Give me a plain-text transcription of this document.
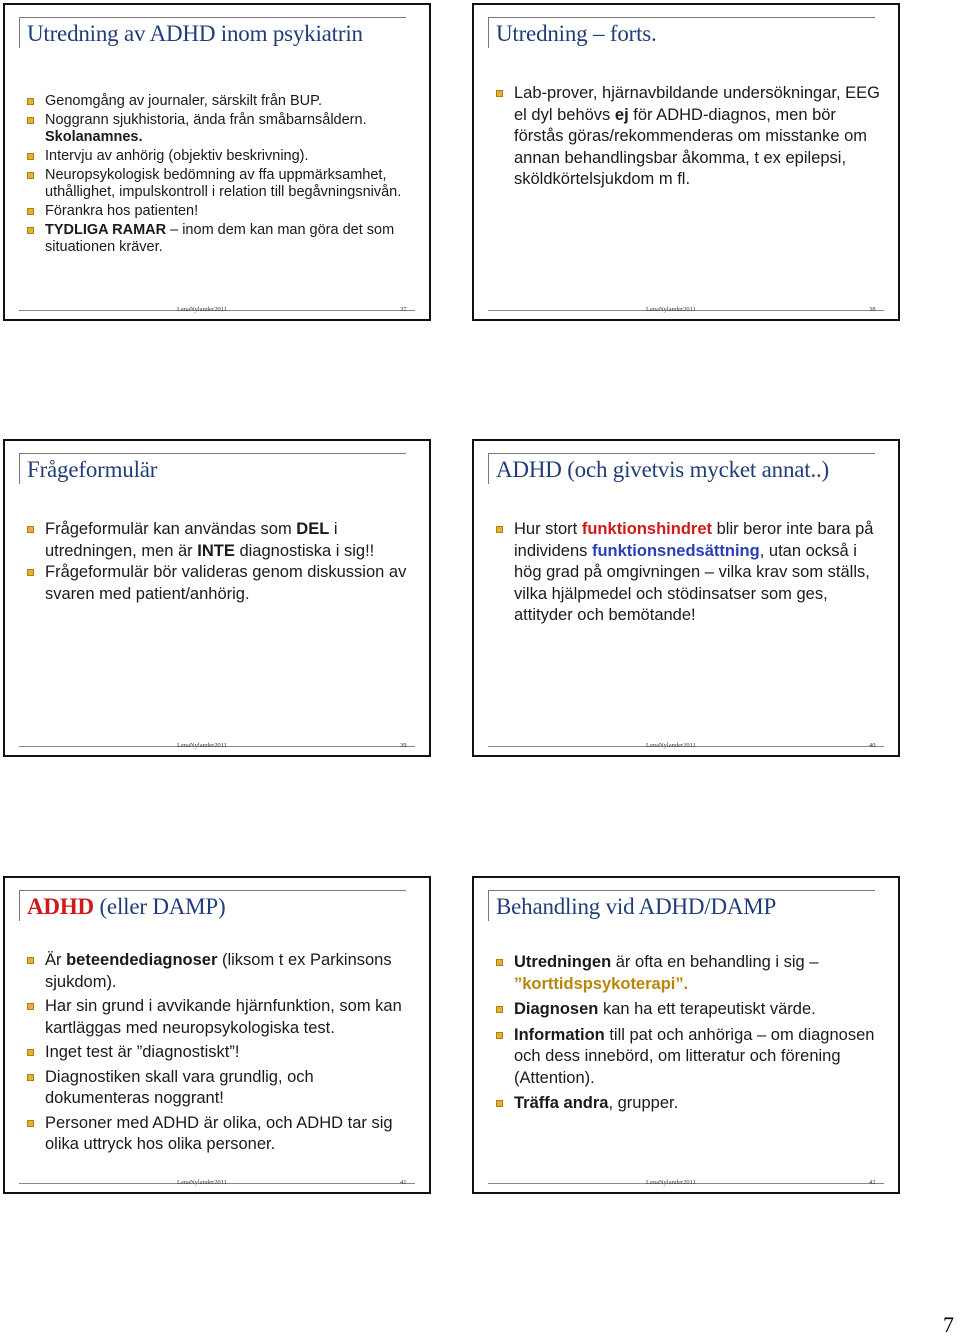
Utredning av ADHD inom psykiatrin
Genomgång av journaler, särskilt från BUP.
Noggrann sjukhistoria, ända från småbarnsåldern. Skolanamnes.
Intervju av anhörig (objektiv beskrivning).
Neuropsykologisk bedömning av ffa uppmärksamhet, uthållighet, impulskontroll i relation till begåvningsnivån.
Förankra hos patienten!
TYDLIGA RAMAR – inom dem kan man göra det som situationen kräver.
LenaNylander2011	37
Utredning – forts.
Lab-prover, hjärnavbildande undersökningar, EEG el dyl behövs ej för ADHD-diagnos, men bör förstås göras/rekommenderas om misstanke om annan behandlingsbar åkomma, t ex epilepsi, sköldkörtelsjukdom m fl.
LenaNylander2011	38
Frågeformulär
Frågeformulär kan användas som DEL i utredningen, men är INTE diagnostiska i sig!!
Frågeformulär bör valideras genom diskussion av svaren med patient/anhörig.
LenaNylander2011	39
ADHD (och givetvis mycket annat..)
Hur stort funktionshindret blir beror inte bara på individens funktionsnedsättning, utan också i hög grad på omgivningen – vilka krav som ställs, vilka hjälpmedel och stödinsatser som ges, attityder och bemötande!
LenaNylander2011	40
ADHD (eller DAMP)
Är beteendediagnoser (liksom t ex Parkinsons sjukdom).
Har sin grund i avvikande hjärnfunktion, som kan kartläggas med neuropsykologiska test.
Inget test är ”diagnostiskt”!
Diagnostiken skall vara grundlig, och dokumenteras noggrant!
Personer med ADHD är olika, och ADHD tar sig olika uttryck hos olika personer.
LenaNylander2011	41
Behandling vid ADHD/DAMP
Utredningen är ofta en behandling i sig – ”korttidspsykoterapi”.
Diagnosen kan ha ett terapeutiskt värde.
Information till pat och anhöriga – om diagnosen och dess innebörd, om litteratur och förening (Attention).
Träffa andra, grupper.
LenaNylander2011	42
7
